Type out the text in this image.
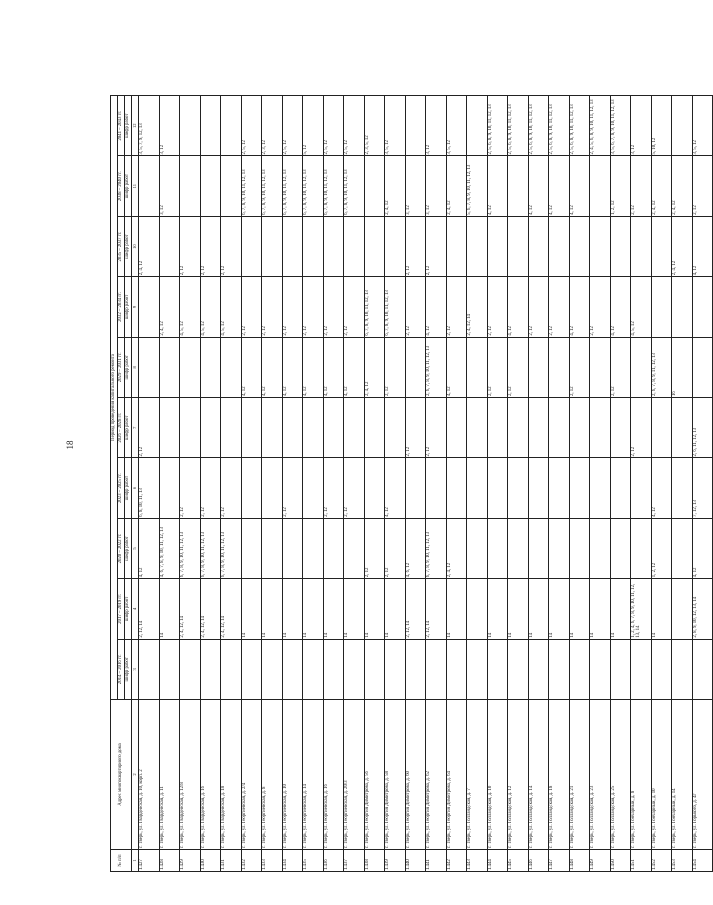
18
№ п/п	Адрес многоквартирного дома	Период проведения капитального ремонта									
		2014 – 2016 гг.	2017 – 2019 гг.	2020 – 2022 гг.	2023 – 2025 гг.	2026 – 2028 гг.	2029 – 2031 гг.	2032 – 2034 гг.	2035 – 2037 гг.	2038 – 2040 гг.	2041 – 2043 гг.
		шифр работ	шифр работ	шифр работ	шифр работ	шифр работ	шифр работ	шифр работ	шифр работ	шифр работ	шифр работ
1	2	3	4	5	6	7	8	9	10	11	12
1.427	г. Тверь, ул. Гвардейская, д. 10, корп. 2		2, 12, 14	4, 12	6, 8, 10, 11, 13	2, 12			2, 4, 12		3, 5, 7, 9, 12, 13
1.428	г. Тверь, ул. Гвардейская, д. 11		14	4, 6, 7, 8, 9, 10, 11, 12, 13				2, 4, 12		3, 12	3, 12
1.429	г. Тверь, ул. Гвардейская, д. 12/8		2, 4, 12, 14	6, 7, 8, 9, 10, 11, 12, 13	2, 12			4, 5, 12	2, 12		
1.430	г. Тверь, ул. Гвардейская, д. 16		2, 4, 12, 14	6, 7, 8, 9, 10, 11, 12, 13	2, 12			4, 5, 12	2, 12		
1.431	г. Тверь, ул. Гвардейская, д. 18		2, 4, 12, 14	6, 7, 8, 9, 10, 11, 12, 13	2, 12			4, 5, 12	2, 12		
1.432	г. Тверь, ул. Георгиевская, д. 2/4		14				4, 12	2, 12		6, 7, 8, 9, 10, 11, 12, 13	2, 5, 12
1.433	г. Тверь, ул. Георгиевская, д. 8		14				4, 12	2, 12		6, 7, 8, 9, 10, 11, 12, 13	2, 3, 12
1.434	г. Тверь, ул. Георгиевская, д. 10		14		2, 12		4, 12	2, 12		6, 7, 8, 9, 10, 11, 12, 13	2, 5, 12
1.435	г. Тверь, ул. Георгиевская, д. 14		14				4, 12	2, 12		6, 7, 8, 9, 10, 11, 12, 13	5, 12
1.436	г. Тверь, ул. Георгиевская, д. 16		14		2, 12		4, 12	2, 12		6, 7, 8, 9, 10, 11, 12, 13	2, 5, 12
1.437	г. Тверь, ул. Георгиевская, д. 20/3		14		2, 12		4, 12	2, 12		6, 7, 8, 9, 10, 11, 12, 13	2, 5, 12
1.438	г. Тверь, ул. Георгия Димитрова, д. 56		14	2, 12			2, 4, 12	6, 7, 8, 9, 10, 11, 12, 13			2, 3, 5, 12
1.439	г. Тверь, ул. Георгия Димитрова, д. 58		14	2, 12	4, 12		2, 12	6, 7, 8, 9, 10, 11, 12, 13		2, 4, 12	3, 5, 12
1.440	г. Тверь, ул. Георгия Димитрова, д. 60		2, 12, 14	4, 6, 12		2, 12		2, 12	2, 12	3, 12	
1.441	г. Тверь, ул. Георгия Димитрова, д. 62		2, 12, 14	6, 7, 8, 9, 10, 11, 12, 13		2, 12	2, 6, 7, 8, 9, 10, 11, 12, 13	4, 12	2, 12	3, 12	3, 12
1.442	г. Тверь, ул. Георгия Димитрова, д. 64		14	2, 4, 12			4, 12	2, 12		2, 4, 12	3, 5, 12
1.443	г. Тверь, ул. Голландская, д. 7							2, 4, 12, 14		5, 6, 7, 8, 9, 10, 11, 12, 13	
1.444	г. Тверь, ул. Голландская, д. 10		14				2, 12	2, 12		4, 12	2, 5, 6, 8, 9, 10, 11, 12, 13
1.445	г. Тверь, ул. Голландская, д. 12		14				2, 12	4, 12			2, 5, 6, 8, 9, 10, 11, 12, 13
1.446	г. Тверь, ул. Голландская, д. 14		14					2, 12		4, 12	2, 5, 6, 8, 9, 10, 11, 12, 13
1.447	г. Тверь, ул. Голландская, д. 18		14					2, 12		4, 12	2, 5, 6, 8, 9, 10, 11, 12, 13
1.448	г. Тверь, ул. Голландская, д. 21		14				2, 12	4, 12		4, 12	2, 5, 6, 8, 9, 10, 11, 12, 13
1.449	г. Тверь, ул. Голландская, д. 23		14					2, 12			2, 4, 5, 6, 8, 9, 10, 11, 12, 13
1.450	г. Тверь, ул. Голландская, д. 25		14				2, 12	4, 12		1, 2, 12	3, 5, 6, 7, 8, 9, 10, 11, 12, 13
1.451	г. Тверь, ул. Гончарный, д. 8		1, 2, 4, 6, 7, 8, 9, 10, 11, 12, 13, 14			2, 12		4, 5, 12		2, 12	3, 12
1.452	г. Тверь, ул. Гончарный, д. 10		14	1, 2, 12	4, 12		2, 6, 7, 8, 9, 11, 12, 13			2, 4, 12	5, 10, 12
1.453	г. Тверь, ул. Гончарный, д. 14						16		2, 4, 12	2, 4, 12	
1.454	г. Тверь, ул. Горького, д. 4г		2, 8, 9, 10, 12, 13, 14	4, 12	7, 12, 13	2, 6, 11, 12, 13			4, 12	2, 12	3, 5, 12
